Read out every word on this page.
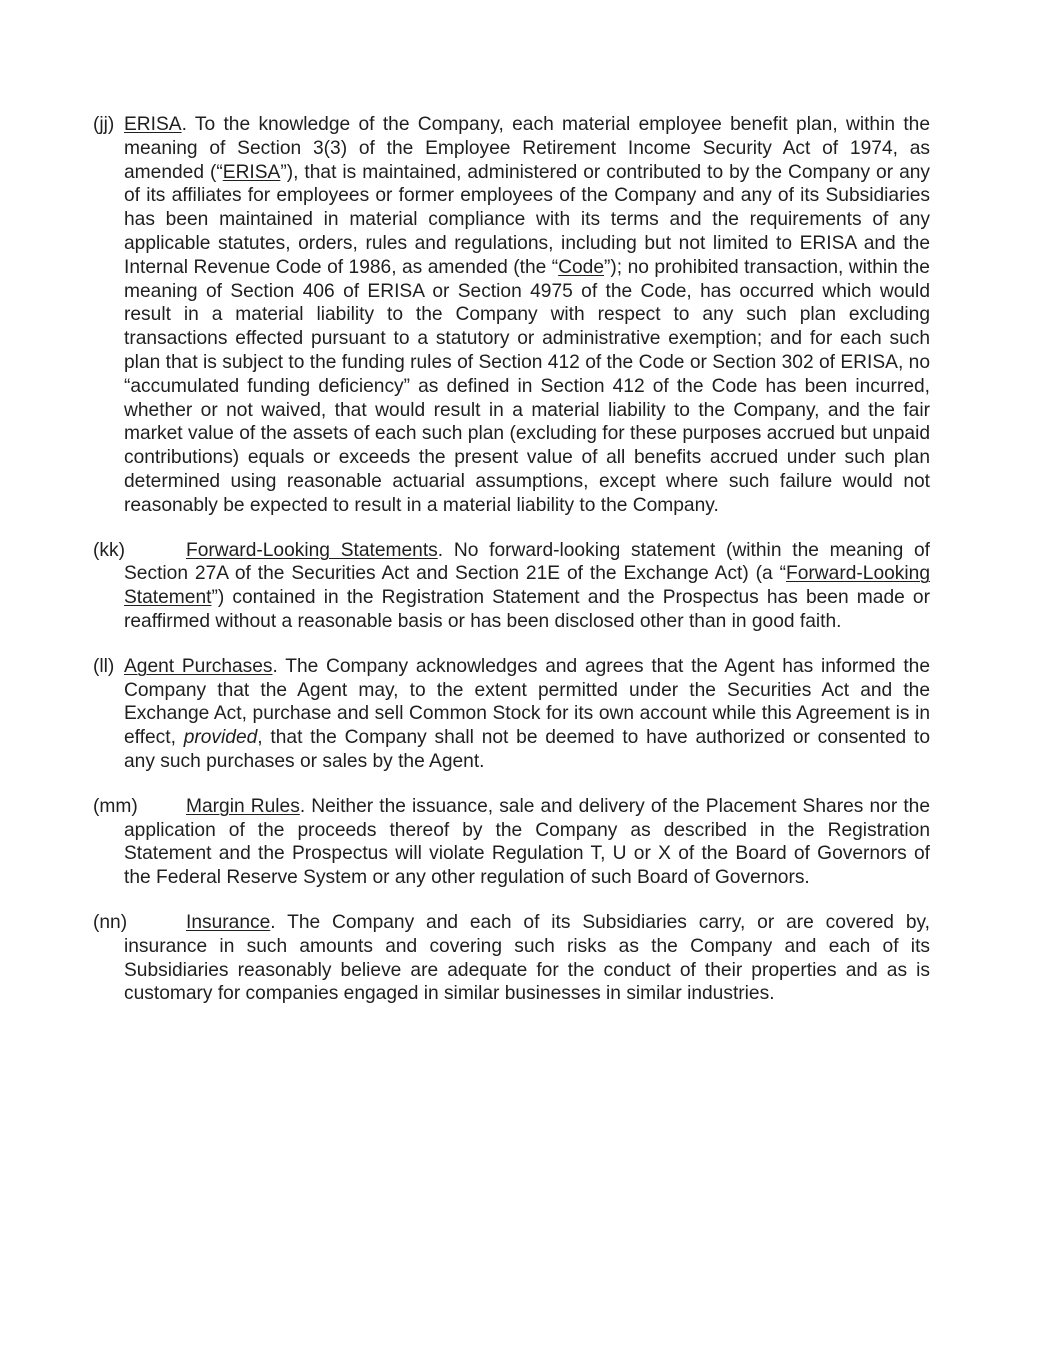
(jj) ERISA. To the knowledge of the Company, each material employee benefit plan, within the meaning of Section 3(3) of the Employee Retirement Income Security Act of 1974, as amended (“ERISA”), that is maintained, administered or contributed to by the Company or any of its affiliates for employees or former employees of the Company and any of its Subsidiaries has been maintained in material compliance with its terms and the requirements of any applicable statutes, orders, rules and regulations, including but not limited to ERISA and the Internal Revenue Code of 1986, as amended (the “Code”); no prohibited transaction, within the meaning of Section 406 of ERISA or Section 4975 of the Code, has occurred which would result in a material liability to the Company with respect to any such plan excluding transactions effected pursuant to a statutory or administrative exemption; and for each such plan that is subject to the funding rules of Section 412 of the Code or Section 302 of ERISA, no “accumulated funding deficiency” as defined in Section 412 of the Code has been incurred, whether or not waived, that would result in a material liability to the Company, and the fair market value of the assets of each such plan (excluding for these purposes accrued but unpaid contributions) equals or exceeds the present value of all benefits accrued under such plan determined using reasonable actuarial assumptions, except where such failure would not reasonably be expected to result in a material liability to the Company.

(kk)	Forward-Looking Statements. No forward-looking statement (within the meaning of Section 27A of the Securities Act and Section 21E of the Exchange Act) (a “Forward-Looking Statement”) contained in the Registration Statement and the Prospectus has been made or reaffirmed without a reasonable basis or has been disclosed other than in good faith.

(ll) Agent Purchases. The Company acknowledges and agrees that the Agent has informed the Company that the Agent may, to the extent permitted under the Securities Act and the Exchange Act, purchase and sell Common Stock for its own account while this Agreement is in effect, provided, that the Company shall not be deemed to have authorized or consented to any such purchases or sales by the Agent.

(mm)	Margin Rules. Neither the issuance, sale and delivery of the Placement Shares nor the application of the proceeds thereof by the Company as described in the Registration Statement and the Prospectus will violate Regulation T, U or X of the Board of Governors of the Federal Reserve System or any other regulation of such Board of Governors.

(nn)	Insurance. The Company and each of its Subsidiaries carry, or are covered by, insurance in such amounts and covering such risks as the Company and each of its Subsidiaries reasonably believe are adequate for the conduct of their properties and as is customary for companies engaged in similar businesses in similar industries.
